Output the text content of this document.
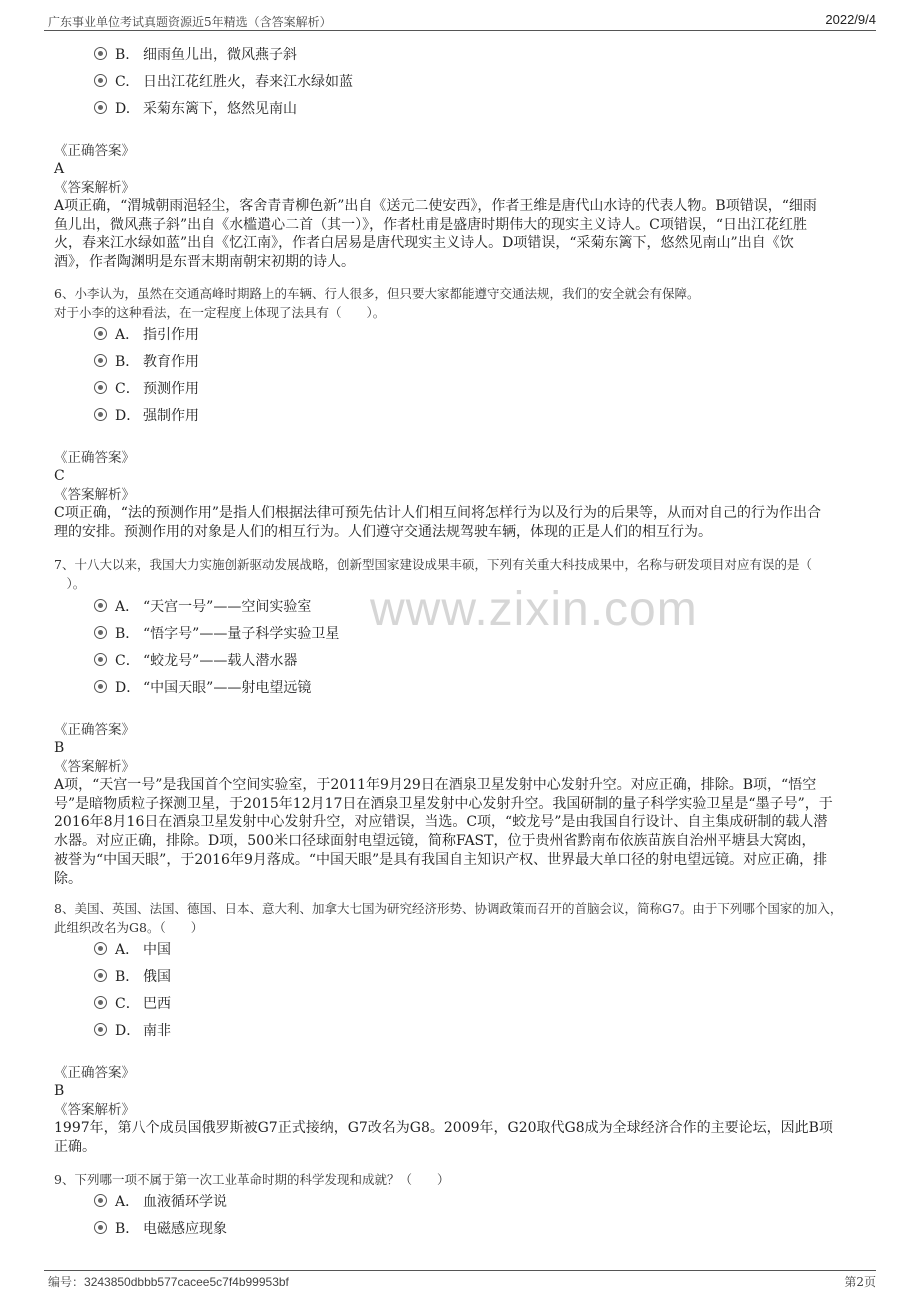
广东事业单位考试真题资源近5年精选（含答案解析）	2022/9/4
www.zixin.com
B. 细雨鱼儿出，微风燕子斜
C. 日出江花红胜火，春来江水绿如蓝
D. 采菊东篱下，悠然见南山
《正确答案》
A
《答案解析》
A项正确，“渭城朝雨浥轻尘，客舍青青柳色新”出自《送元二使安西》，作者王维是唐代山水诗的代表人物。B项错误，“细雨
鱼儿出，微风燕子斜”出自《水槛遣心二首（其一）》，作者杜甫是盛唐时期伟大的现实主义诗人。C项错误，“日出江花红胜
火，春来江水绿如蓝”出自《忆江南》，作者白居易是唐代现实主义诗人。D项错误，“采菊东篱下，悠然见南山”出自《饮
酒》，作者陶渊明是东晋末期南朝宋初期的诗人。
6、小李认为，虽然在交通高峰时期路上的车辆、行人很多，但只要大家都能遵守交通法规，我们的安全就会有保障。
对于小李的这种看法，在一定程度上体现了法具有（　　）。
A． 指引作用
B． 教育作用
C． 预测作用
D． 强制作用
《正确答案》
C
《答案解析》
C项正确，“法的预测作用”是指人们根据法律可预先估计人们相互间将怎样行为以及行为的后果等，从而对自己的行为作出合
理的安排。预测作用的对象是人们的相互行为。人们遵守交通法规驾驶车辆，体现的正是人们的相互行为。
7、十八大以来，我国大力实施创新驱动发展战略，创新型国家建设成果丰硕，下列有关重大科技成果中，名称与研发项目对应有误的是（
　）。
A． “天宫一号”——空间实验室
B． “悟字号”——量子科学实验卫星
C． “蛟龙号”——载人潜水器
D． “中国天眼”——射电望远镜
《正确答案》
B
《答案解析》
A项，“天宫一号”是我国首个空间实验室，于2011年9月29日在酒泉卫星发射中心发射升空。对应正确，排除。B项，“悟空
号”是暗物质粒子探测卫星，于2015年12月17日在酒泉卫星发射中心发射升空。我国研制的量子科学实验卫星是“墨子号”，于
2016年8月16日在酒泉卫星发射中心发射升空，对应错误，当选。C项，“蛟龙号”是由我国自行设计、自主集成研制的载人潜
水器。对应正确，排除。D项，500米口径球面射电望远镜，简称FAST，位于贵州省黔南布依族苗族自治州平塘县大窝凼，
被誉为“中国天眼”，于2016年9月落成。“中国天眼”是具有我国自主知识产权、世界最大单口径的射电望远镜。对应正确，排
除。
8、美国、英国、法国、德国、日本、意大利、加拿大七国为研究经济形势、协调政策而召开的首脑会议，简称G7。由于下列哪个国家的加入，
此组织改名为G8。（　　）
A． 中国
B． 俄国
C． 巴西
D． 南非
《正确答案》
B
《答案解析》
1997年，第八个成员国俄罗斯被G7正式接纳，G7改名为G8。2009年，G20取代G8成为全球经济合作的主要论坛，因此B项
正确。
9、下列哪一项不属于第一次工业革命时期的科学发现和成就？（　　）
A． 血液循环学说
B． 电磁感应现象
编号：3243850dbbb577cacee5c7f4b99953bf	第2页
